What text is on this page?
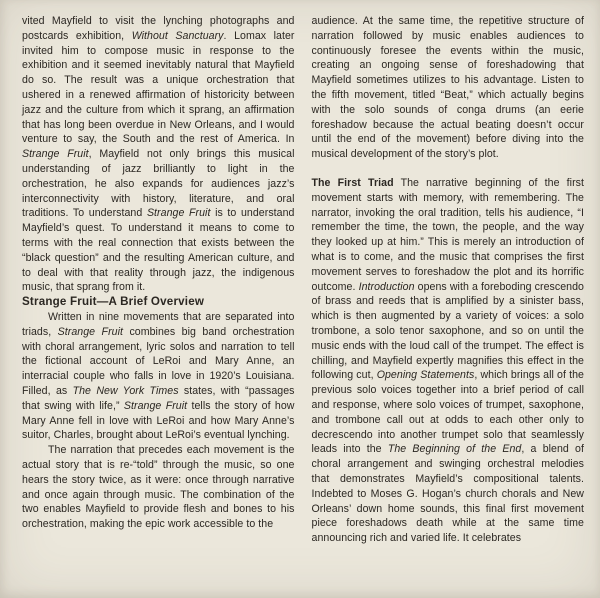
vited Mayfield to visit the lynching photographs and postcards exhibition, Without Sanctuary. Lomax later invited him to compose music in response to the exhibition and it seemed inevitably natural that Mayfield do so. The result was a unique orchestration that ushered in a renewed affirmation of historicity between jazz and the culture from which it sprang, an affirmation that has long been overdue in New Orleans, and I would venture to say, the South and the rest of America. In Strange Fruit, Mayfield not only brings this musical understanding of jazz brilliantly to light in the orchestration, he also expands for audiences jazz’s interconnectivity with history, literature, and oral traditions. To understand Strange Fruit is to understand Mayfield’s quest. To understand it means to come to terms with the real connection that exists between the “black question” and the resulting American culture, and to deal with that reality through jazz, the indigenous music, that sprang from it.

Strange Fruit—A Brief Overview

Written in nine movements that are separated into triads, Strange Fruit combines big band orchestration with choral arrangement, lyric solos and narration to tell the fictional account of LeRoi and Mary Anne, an interracial couple who falls in love in 1920’s Louisiana. Filled, as The New York Times states, with “passages that swing with life,” Strange Fruit tells the story of how Mary Anne fell in love with LeRoi and how Mary Anne’s suitor, Charles, brought about LeRoi’s eventual lynching.

The narration that precedes each movement is the actual story that is re-“told” through the music, so one hears the story twice, as it were: once through narrative and once again through music. The combination of the two enables Mayfield to provide flesh and bones to his orchestration, making the epic work accessible to the

audience. At the same time, the repetitive structure of narration followed by music enables audiences to continuously foresee the events within the music, creating an ongoing sense of foreshadowing that Mayfield sometimes utilizes to his advantage. Listen to the fifth movement, titled “Beat,” which actually begins with the solo sounds of conga drums (an eerie foreshadow because the actual beating doesn’t occur until the end of the movement) before diving into the musical development of the story’s plot.

The First Triad The narrative beginning of the first movement starts with memory, with remembering. The narrator, invoking the oral tradition, tells his audience, “I remember the time, the town, the people, and the way they looked up at him.” This is merely an introduction of what is to come, and the music that comprises the first movement serves to foreshadow the plot and its horrific outcome. Introduction opens with a foreboding crescendo of brass and reeds that is amplified by a sinister bass, which is then augmented by a variety of voices: a solo trombone, a solo tenor saxophone, and so on until the music ends with the loud call of the trumpet. The effect is chilling, and Mayfield expertly magnifies this effect in the following cut, Opening Statements, which brings all of the previous solo voices together into a brief period of call and response, where solo voices of trumpet, saxophone, and trombone call out at odds to each other only to decrescendo into another trumpet solo that seamlessly leads into the The Beginning of the End, a blend of choral arrangement and swinging orchestral melodies that demonstrates Mayfield’s compositional talents. Indebted to Moses G. Hogan’s church chorals and New Orleans’ down home sounds, this final first movement piece foreshadows death while at the same time announcing rich and varied life. It celebrates
